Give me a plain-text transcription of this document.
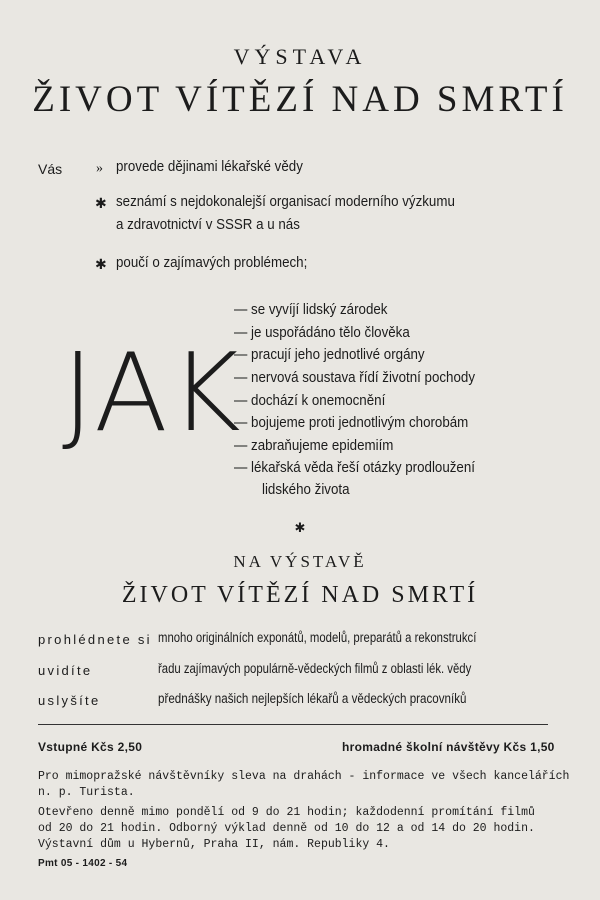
VÝSTAVA
ŽIVOT VÍTĚZÍ NAD SMRTÍ
Vás » provede dějinami lékařské vědy
✱ seznámí s nejdokonalejší organisací moderního výzkumu
a zdravotnictví v SSSR a u nás
✱ poučí o zajímavých problémech;
JAK
— se vyvíjí lidský zárodek
— je uspořádáno tělo člověka
— pracují jeho jednotlivé orgány
— nervová soustava řídí životní pochody
— dochází k onemocnění
— bojujeme proti jednotlivým chorobám
— zabraňujeme epidemiím
— lékařská věda řeší otázky prodloužení
lidského života
✱
NA VÝSTAVĚ
ŽIVOT VÍTĚZÍ NAD SMRTÍ
prohlédnete si mnoho originálních exponátů, modelů, preparátů a rekonstrukcí
uvidíte	řadu zajímavých populárně-vědeckých filmů z oblasti lék. vědy
uslyšíte	přednášky našich nejlepších lékařů a vědeckých pracovníků
Vstupné Kčs 2,50	hromadné školní návštěvy Kčs 1,50
Pro mimopražské návštěvníky sleva na drahách - informace ve všech kancelářích
n. p. Turista.
Otevřeno denně mimo pondělí od 9 do 21 hodin; každodenní promítání filmů
od 20 do 21 hodin. Odborný výklad denně od 10 do 12 a od 14 do 20 hodin.
Výstavní dům u Hybernů, Praha II, nám. Republiky 4.
Pmt 05 - 1402 - 54
